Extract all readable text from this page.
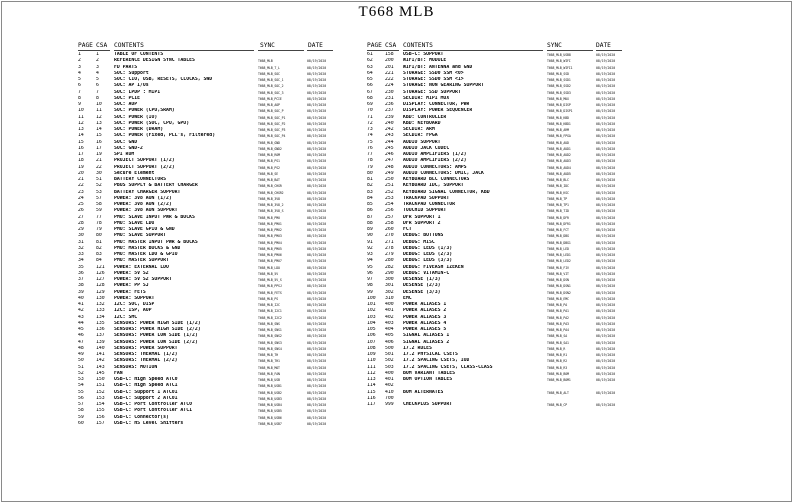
T668 MLB
PAGE CSA CONTENTS	SYNC	DATE
1	1	TABLE OF CONTENTS
2	2	REFERENCE DESIGN SYNC TABLES	T668_MLB	08/19/2020
3	3	FD PARTS	T668_MLB_T_L	08/19/2020
4	4	SOC: Support	T668_MLB_SOC	08/19/2020
5	5	SOC: CIO, USB, RESETS, CLOCKS, SWD	T668_MLB_SOC_1	08/19/2020
6	6	SOC: AP I/Os	T668_MLB_SOC_2	08/19/2020
7	7	SOC: LPDP : MIPI	T668_MLB_SOC_3	08/19/2020
8	8	SOC: PCIE	T668_MLB_PCIE	08/19/2020
9	10	SOC: AOP	T668_MLB_AOP	08/19/2020
10	11	SOC: POWER (CPU,SRAM)	T668_MLB_SOC_P	08/19/2020
11	12	SOC: POWER (IO)	T668_MLB_SOC_P1	08/19/2020
12	13	SOC: POWER (SOC, CPU, GPU)	T668_MLB_SOC_P2	08/19/2020
13	14	SOC: POWER (DRAM)	T668_MLB_SOC_P3	08/19/2020
14	15	SOC: POWER (Fixed, PLL's, Filtered)	T668_MLB_SOC_P4	08/19/2020
15	16	SOC: GND	T668_MLB_GND	08/19/2020
16	17	SOC: GND-2	T668_MLB_GND2	08/19/2020
17	19	SPI ROM	T668_MLB_ROM	08/19/2020
18	21	PROJECT SUPPORT (1/2)	T668_MLB_PS1	08/19/2020
19	22	PROJECT SUPPORT (2/2)	T668_MLB_PS2	08/19/2020
20	30	Secure Element	T668_MLB_SE	08/19/2020
21	51	BATTERY CONNECTORS	T668_MLB_BAT	08/19/2020
22	52	PBUS SUPPLY & BATTERY CHARGER	T668_MLB_CHGR	08/19/2020
23	53	BATTERY CHARGER SUPPORT	T668_MLB_CHGR2	08/19/2020
24	57	POWER: 3V8 AON (1/2)	T668_MLB_3V8	08/19/2020
25	58	POWER: 3V8 AON (2/2)	T668_MLB_3V8_2	08/19/2020
26	59	POWER: 3V8 AON SUPPORT	T668_MLB_3V8_S	08/19/2020
27	77	PMU: SLAVE INPUT PWR & BUCKS	T668_MLB_PMU	08/19/2020
28	78	PMU: SLAVE LDO	T668_MLB_PMU1	08/19/2020
29	79	PMU: SLAVE GPIO & GND	T668_MLB_PMU2	08/19/2020
30	80	PMU: SLAVE SUPPORT	T668_MLB_PMU3	08/19/2020
31	81	PMU: MASTER INPUT PWR & BUCKS	T668_MLB_PMU4	08/19/2020
32	82	PMU: MASTER BUCKS & GND	T668_MLB_PMU5	08/19/2020
33	83	PMU: MASTER LDO & GPIO	T668_MLB_PMU6	08/19/2020
34	84	PMU: MASTER SUPPORT	T668_MLB_PMU7	08/19/2020
35	121 POWER: EXTERNAL LDO	T668_MLB_LDO	08/19/2020
36	126 POWER: 5V S2	T668_MLB_5V	08/19/2020
37	127 POWER: 5V S2 SUPPORT	T668_MLB_5V_S	08/19/2020
38	128 POWER: PP SJ	T668_MLB_PPSJ	08/19/2020
39	129 POWER: FETS	T668_MLB_FETS	08/19/2020
40	130 POWER: SUPPORT	T668_MLB_PS	08/19/2020
41	132 I2C: SOC, DISP	T668_MLB_I2C	08/19/2020
42	133 I2C: ISP, AOP	T668_MLB_I2C1	08/19/2020
43	134 I2C: SMC	T668_MLB_I2C2	08/19/2020
44	135 SENSORS: POWER HIGH SIDE (1/2)	T668_MLB_SNS	08/19/2020
45	136 SENSORS: POWER HIGH SIDE (2/2)	T668_MLB_SNS1	08/19/2020
46	137 SENSORS: POWER LOW SIDE (1/2)	T668_MLB_SNS2	08/19/2020
47	139 SENSORS: POWER LOW SIDE (2/2)	T668_MLB_SNS3	08/19/2020
48	140 SENSORS: POWER SUPPORT	T668_MLB_SNS4	08/19/2020
49	141 SENSORS: THERMAL (1/2)	T668_MLB_TH	08/19/2020
50	142 SENSORS: THERMAL (2/2)	T668_MLB_TH1	08/19/2020
51	143 SENSORS: MOTION	T668_MLB_MOT	08/19/2020
52	145 FAN	T668_MLB_FAN	08/19/2020
53	150 USB-C: High Speed ATC0	T668_MLB_USB	08/19/2020
54	151 USB-C: High Speed ATC1	T668_MLB_USB1	08/19/2020
55	152 USB-C: Support 1 ATC01	T668_MLB_USB2	08/19/2020
56	153 USB-C: Support 2 ATC01	T668_MLB_USB3	08/19/2020
57	154 USB-C: Port Controller ATC0	T668_MLB_USB4	08/19/2020
58	155 USB-C: Port Controller ATC1	T668_MLB_USB5	08/19/2020
59	156 USB-C: Connector(s)	T668_MLB_USB6	08/19/2020
60	157 USB-C: HS Level Shifters	T668_MLB_USB7	08/19/2020
PAGE CSA CONTENTS	SYNC	DATE
61	158 USB-C: SUPPORT	T668_MLB_USB8	08/19/2020
62	200 WIFI/BT: MODULE	T668_MLB_WIFI	08/19/2020
63	201 WIFI/BT: ANTENNA and GND	T668_MLB_WIFI1	08/19/2020
64	221 STORAGE: SSD0 SSM <0>	T668_MLB_SSD	08/19/2020
65	222 STORAGE: SSD0 SSM <1>	T668_MLB_SSD1	08/19/2020
66	224 STORAGE: NON GEARING SUPPORT	T668_MLB_SSD2	08/19/2020
67	230 STORAGE: SSD SUPPORT	T668_MLB_SSD3	08/19/2020
68	231 SECDIR: MIPI MUX	T668_MLB_MUX	08/19/2020
69	236 DISPLAY: CONNECTOR, PWR	T668_MLB_DISP	08/19/2020
70	237 DISPLAY: POWER SEQUENCER	T668_MLB_DISP1	08/19/2020
71	239 KBD: CONTROLLER	T668_MLB_KBD	08/19/2020
72	240 KBD: KEYBOARD	T668_MLB_KBD1	08/19/2020
73	242 SECDIR: ARM	T668_MLB_ARM	08/19/2020
74	243 SECDIR: FPGA	T668_MLB_FPGA	08/19/2020
75	244 AUDIO SUPPORT	T668_MLB_AUD	08/19/2020
76	245 AUDIO JACK CODEC	T668_MLB_AUD1	08/19/2020
77	246 AUDIO AMPLIFIERS (1/2)	T668_MLB_AUD2	08/19/2020
78	247 AUDIO AMPLIFIERS (2/2)	T668_MLB_AUD3	08/19/2020
79	248 AUDIO CONNECTORS: AMPS	T668_MLB_AUD4	08/19/2020
80	249 AUDIO CONNECTORS: DMIC, JACK	T668_MLB_AUD5	08/19/2020
81	250 KEYBOARD BLC CONNECTORS	T668_MLB_BLC	08/19/2020
82	251 KEYBOARD IDC, SUPPORT	T668_MLB_IDC	08/19/2020
83	252 KEYBOARD SIGNAL CONNECTOR, KBD	T668_MLB_KSC	08/19/2020
84	253 TRACKPAD SUPPORT	T668_MLB_TP	08/19/2020
85	254 TRACKPAD CONNECTOR	T668_MLB_TP1	08/19/2020
86	256 TOUCHID SUPPORT	T668_MLB_TID	08/19/2020
87	257 DFR SUPPORT 1	T668_MLB_DFR	08/19/2020
88	258 DFR SUPPORT 2	T668_MLB_DFR1	08/19/2020
89	260 FCT	T668_MLB_FCT	08/19/2020
90	270 DEBUG: BUTTONS	T668_MLB_DBG	08/19/2020
91	271 DEBUG: MISC	T668_MLB_DBG1	08/19/2020
92	278 DEBUG: LEDS (1/3)	T668_MLB_LED	08/19/2020
93	279 DEBUG: LEDS (2/3)	T668_MLB_LED1	08/19/2020
94	280 DEBUG: LEDS (3/3)	T668_MLB_LED2	08/19/2020
95	282 DEBUG: FIVEASH IZEKEN	T668_MLB_FIV	08/19/2020
96	290 DEBUG: VITAMIN-C	T668_MLB_VIT	08/19/2020
97	300 DESENSE (1/3)	T668_MLB_DSN	08/19/2020
98	301 DESENSE (2/3)	T668_MLB_DSN1	08/19/2020
99	302 DESENSE (3/3)	T668_MLB_DSN2	08/19/2020
100 310 EMC	T668_MLB_EMC	08/19/2020
101 400 POWER ALIASES 1	T668_MLB_PA	08/19/2020
102 401 POWER ALIASES 2	T668_MLB_PA1	08/19/2020
103 402 POWER ALIASES 3	T668_MLB_PA2	08/19/2020
104 403 POWER ALIASES 4	T668_MLB_PA3	08/19/2020
105 404 POWER ALIASES 5	T668_MLB_PA4	08/19/2020
106 405 SIGNAL ALIASES 1	T668_MLB_SA	08/19/2020
107 406 SIGNAL ALIASES 2	T668_MLB_SA1	08/19/2020
108 500 17.2 RULES	T668_MLB_R	08/19/2020
109 501 17.2 PHYSICAL CSETS	T668_MLB_R1	08/19/2020
110 502 17.2 SPACING CSETS, IOD	T668_MLB_R2	08/19/2020
111 503 17.2 SPACING CSETS, CLASS-CLASS	T668_MLB_R3	08/19/2020
112 400 BOM VARIANT TABLES	T668_MLB_BOM	08/19/2020
113 401 BOM OPTION TABLES	T668_MLB_BOM1	08/19/2020
114 402
115 410 BOM ALTERNATES	T668_MLB_ALT	08/19/2020
116 700
117 999 CHECKPLUS SUPPORT	T668_MLB_CP	08/19/2020
